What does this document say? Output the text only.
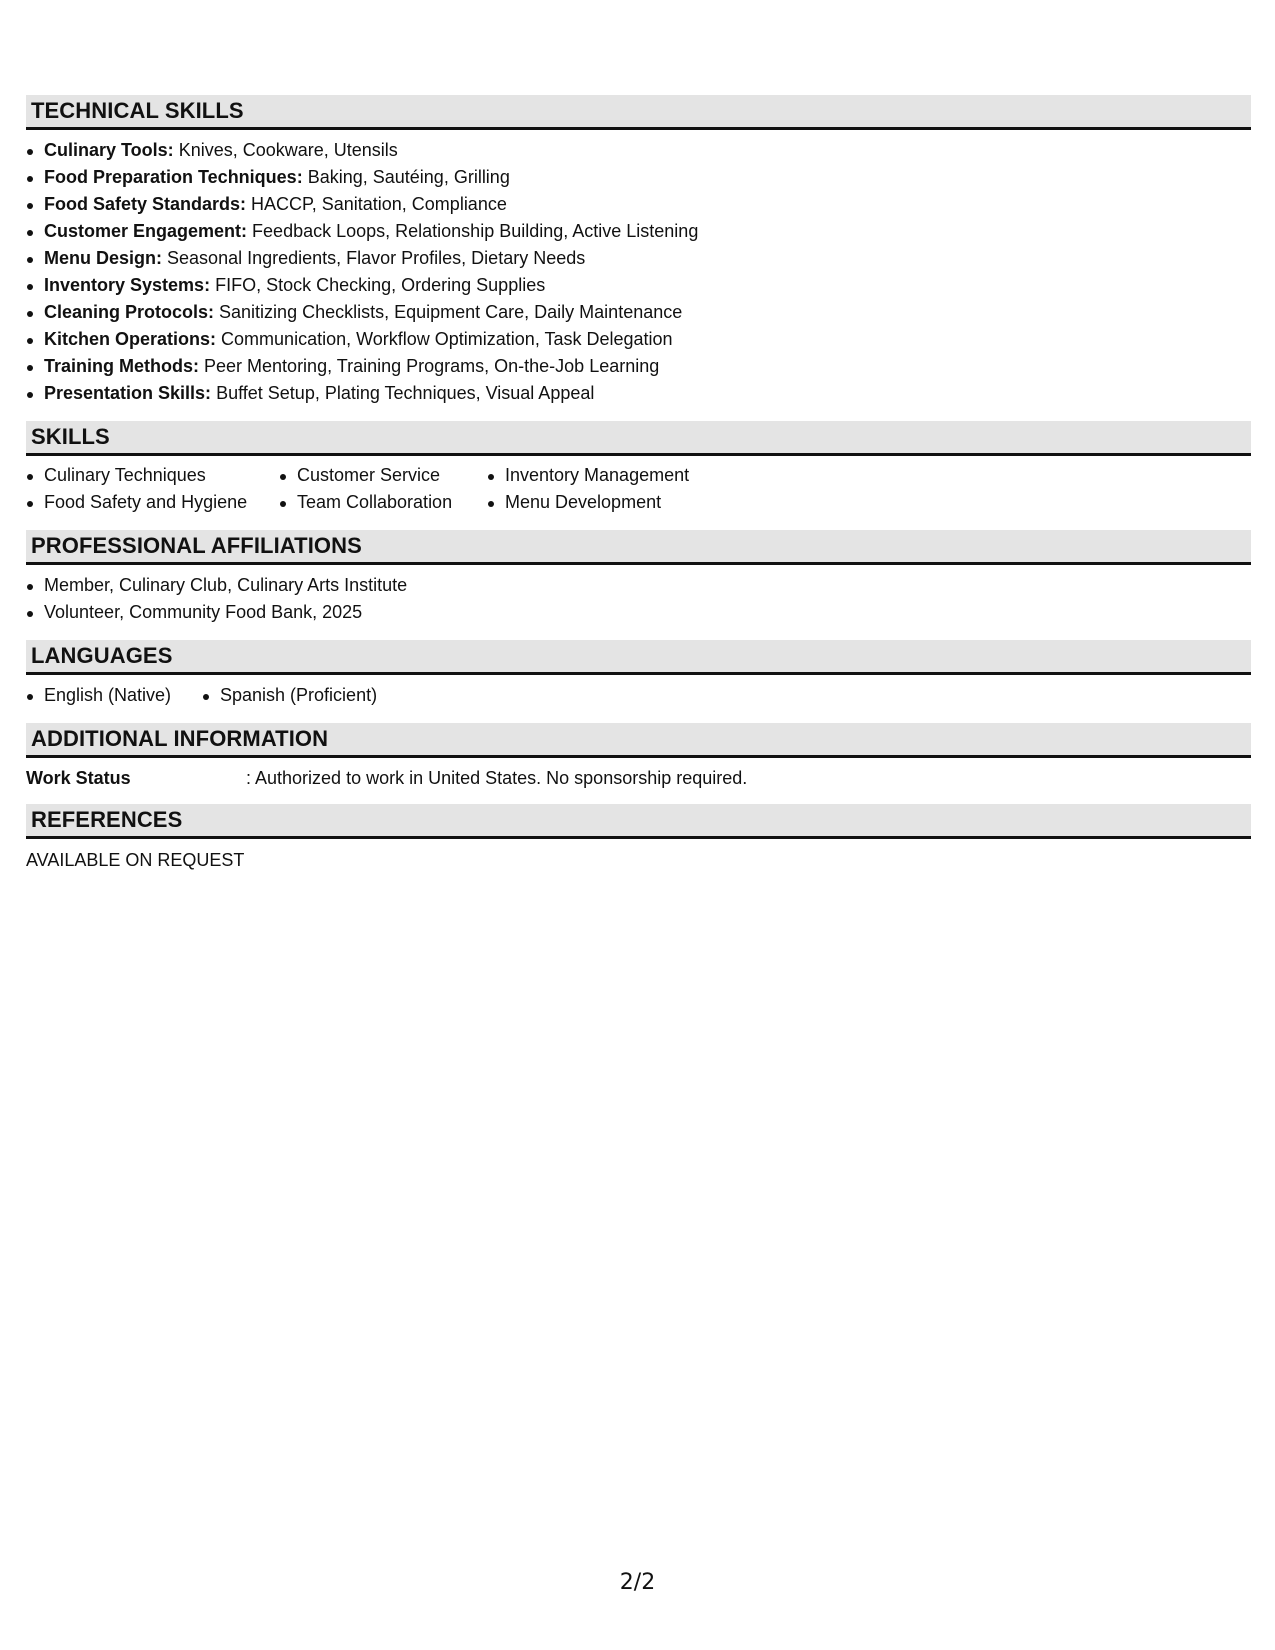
TECHNICAL SKILLS
Culinary Tools: Knives, Cookware, Utensils
Food Preparation Techniques: Baking, Sautéing, Grilling
Food Safety Standards: HACCP, Sanitation, Compliance
Customer Engagement: Feedback Loops, Relationship Building, Active Listening
Menu Design: Seasonal Ingredients, Flavor Profiles, Dietary Needs
Inventory Systems: FIFO, Stock Checking, Ordering Supplies
Cleaning Protocols: Sanitizing Checklists, Equipment Care, Daily Maintenance
Kitchen Operations: Communication, Workflow Optimization, Task Delegation
Training Methods: Peer Mentoring, Training Programs, On-the-Job Learning
Presentation Skills: Buffet Setup, Plating Techniques, Visual Appeal
SKILLS
Culinary Techniques
Food Safety and Hygiene
Customer Service
Team Collaboration
Inventory Management
Menu Development
PROFESSIONAL AFFILIATIONS
Member, Culinary Club, Culinary Arts Institute
Volunteer, Community Food Bank, 2025
LANGUAGES
English (Native)	Spanish (Proficient)
ADDITIONAL INFORMATION
Work Status	: Authorized to work in United States. No sponsorship required.
REFERENCES
AVAILABLE ON REQUEST
2/2
